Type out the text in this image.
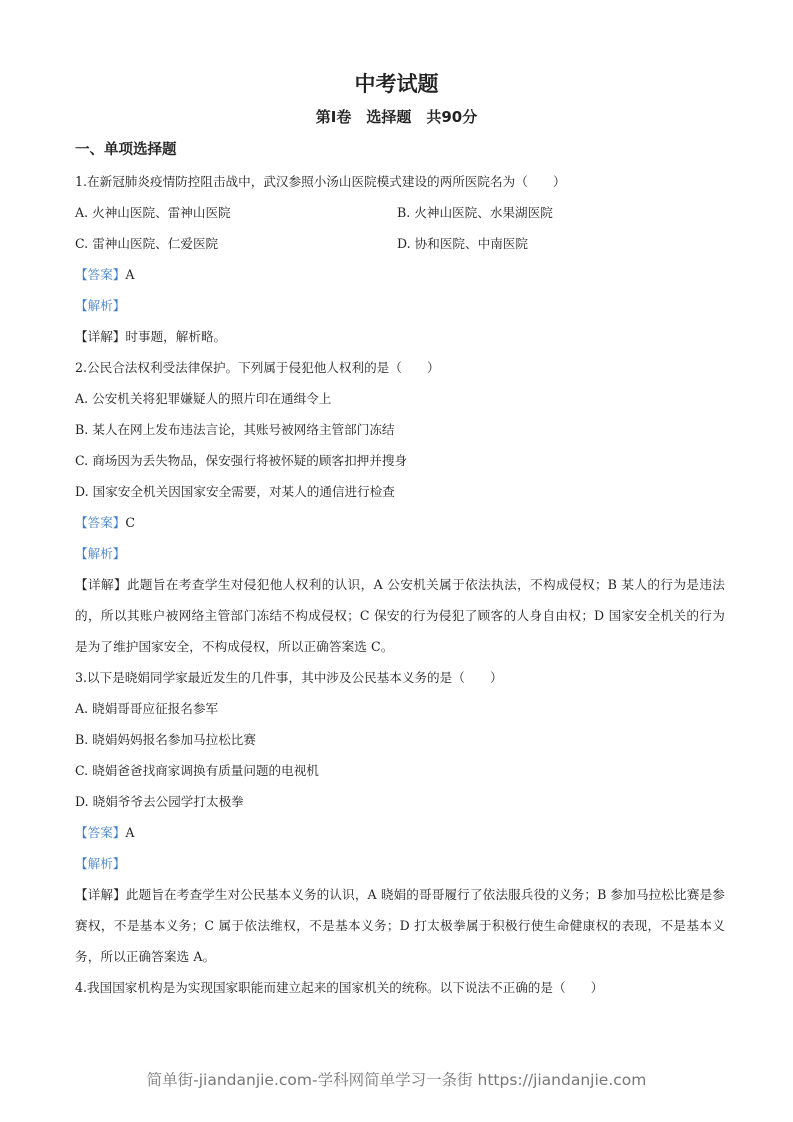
中考试题
第Ⅰ卷　选择题　共90分
一、单项选择题
1.在新冠肺炎疫情防控阻击战中，武汉参照小汤山医院模式建设的两所医院名为（　　）
A. 火神山医院、雷神山医院	B. 火神山医院、水果湖医院
C. 雷神山医院、仁爱医院	D. 协和医院、中南医院
【答案】A
【解析】
【详解】时事题，解析略。
2.公民合法权利受法律保护。下列属于侵犯他人权利的是（　　）
A. 公安机关将犯罪嫌疑人的照片印在通缉令上
B. 某人在网上发布违法言论，其账号被网络主管部门冻结
C. 商场因为丢失物品，保安强行将被怀疑的顾客扣押并搜身
D. 国家安全机关因国家安全需要，对某人的通信进行检查
【答案】C
【解析】
【详解】此题旨在考查学生对侵犯他人权利的认识，A 公安机关属于依法执法，不构成侵权；B 某人的行为是违法的，所以其账户被网络主管部门冻结不构成侵权；C 保安的行为侵犯了顾客的人身自由权；D 国家安全机关的行为是为了维护国家安全，不构成侵权，所以正确答案选 C。
3.以下是晓娟同学家最近发生的几件事，其中涉及公民基本义务的是（　　）
A. 晓娟哥哥应征报名参军
B. 晓娟妈妈报名参加马拉松比赛
C. 晓娟爸爸找商家调换有质量问题的电视机
D. 晓娟爷爷去公园学打太极拳
【答案】A
【解析】
【详解】此题旨在考查学生对公民基本义务的认识，A 晓娟的哥哥履行了依法服兵役的义务；B 参加马拉松比赛是参赛权，不是基本义务；C 属于依法维权，不是基本义务；D 打太极拳属于积极行使生命健康权的表现，不是基本义务，所以正确答案选 A。
4.我国国家机构是为实现国家职能而建立起来的国家机关的统称。以下说法不正确的是（　　）
简单街-jiandanjie.com-学科网简单学习一条街 https://jiandanjie.com
